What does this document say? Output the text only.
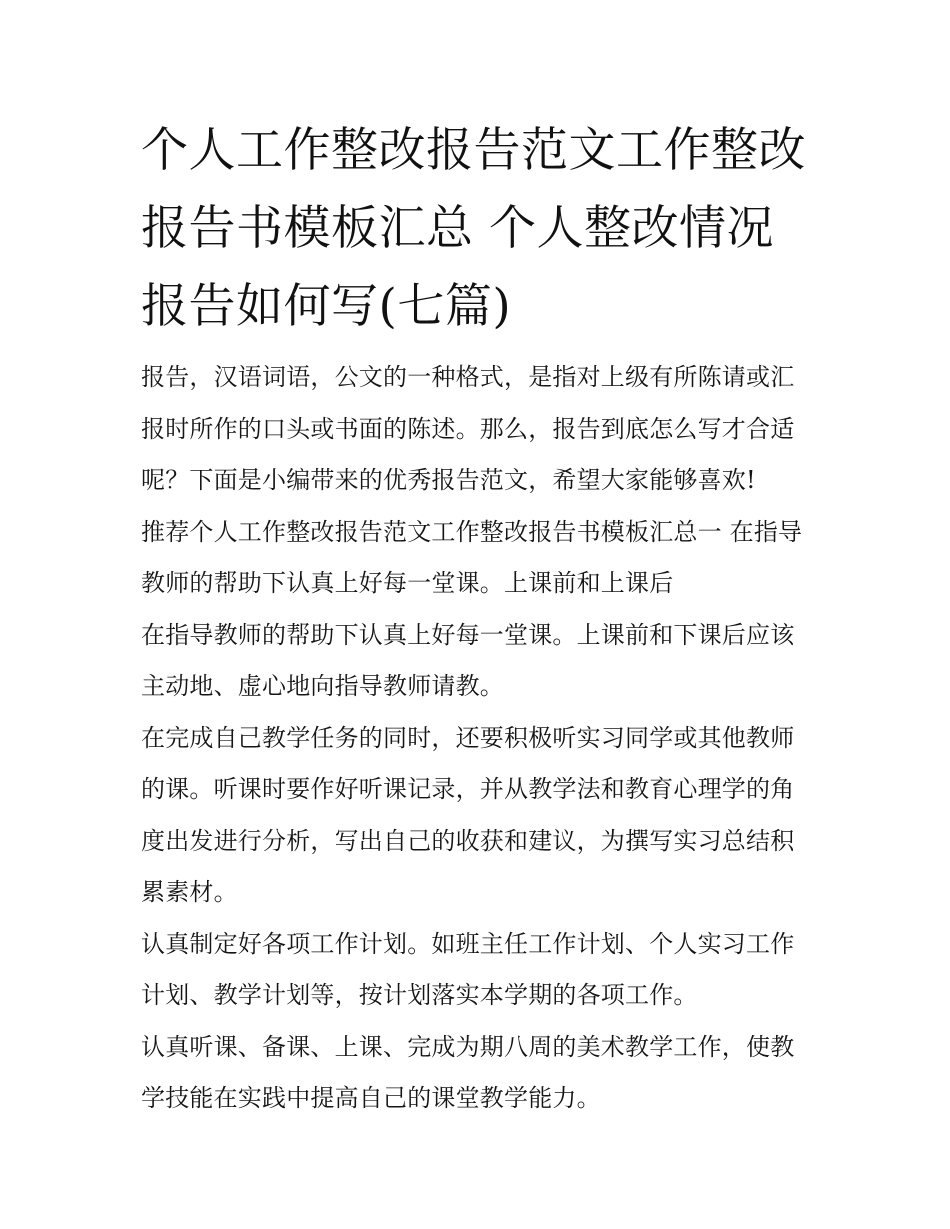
个人工作整改报告范文工作整改报告书模板汇总 个人整改情况报告如何写(七篇)

报告，汉语词语，公文的一种格式，是指对上级有所陈请或汇报时所作的口头或书面的陈述。那么，报告到底怎么写才合适呢？下面是小编带来的优秀报告范文，希望大家能够喜欢!

推荐个人工作整改报告范文工作整改报告书模板汇总一 在指导教师的帮助下认真上好每一堂课。上课前和上课后

在指导教师的帮助下认真上好每一堂课。上课前和下课后应该主动地、虚心地向指导教师请教。

在完成自己教学任务的同时，还要积极听实习同学或其他教师的课。听课时要作好听课记录，并从教学法和教育心理学的角度出发进行分析，写出自己的收获和建议，为撰写实习总结积累素材。

认真制定好各项工作计划。如班主任工作计划、个人实习工作计划、教学计划等，按计划落实本学期的各项工作。

认真听课、备课、上课、完成为期八周的美术教学工作，使教学技能在实践中提高自己的课堂教学能力。
